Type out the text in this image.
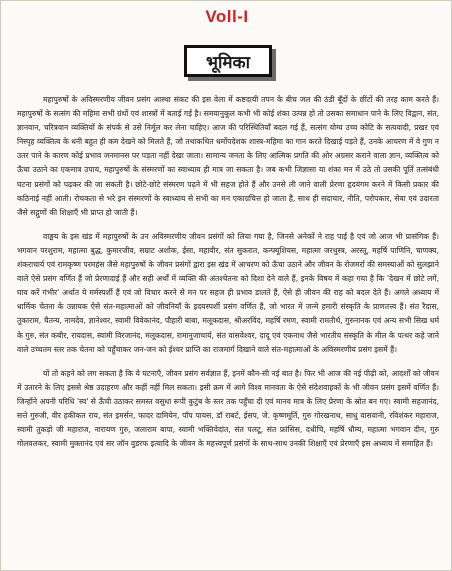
Voll-I
भूमिका

महापुरुषों के अविस्मरणीय जीवन प्रसंग आस्था संकट की इस वेला में कष्टदायी तपन के बीच जल की ठंडी बूँदों के छींटों की तरह काम करते हैं। महापुरुषों के सत्संग की महिमा सभी ग्रंथों एवं शास्त्रों में बताई गई है। समयानुकूल कभी भी कोई शंका उत्पन्न हो तो उसका समाधान पाने के लिए विद्वान, संत, ज्ञानवान, चरित्रवान व्यक्तियों के संपर्क से उसे निर्मूल कर लेना चाहिए। आज की परिस्थितियाँ बदल गई हैं, सत्संग योग्य उच्च कोटि के सत्पवादी, प्रखर एवं निस्पृह व्यक्तित्व के धनी बहुत ही कम देखने को मिलते हैं, जो तथाकथित धर्मोपदेशक शास्त्र-महिमा का गान करते दिखाई पड़ते हैं, उनके आचरण में वे गुण न उतर पाने के कारण कोई प्रभाव जनमानस पर पड़ता नहीं देखा जाता। सामान्य जनता के लिए आत्मिक प्रगति की ओर अग्रसर कराने वाला ज्ञान, व्यक्तित्व को ऊँचा उठाने का एकमात्र उपाय, महापुरुषों के संस्मरणों का स्वाध्याय ही मात्र जा सकता है। जब कभी जिज्ञासा या शंका मन में उठे तो उसकी पूर्ति तत्संबंधी घटना प्रसंगों को पढ़कर की जा सकती है। छोटे-छोटे संस्मरण पढ़ने में भी सहज होते हैं और उनसे ली जाने वाली प्रेरणा हृदयंगम करने में किसी प्रकार की कठिनाई नहीं आती। रोचकता से भरे इन संस्मरणों के स्वाध्याय से सभी का मन एकाग्रचित्त हो जाता है, साथ ही सदाचार, नीति, परोपकार, सेवा एवं उदारता जैसे सद्गुणों की शिक्षाएँ भी प्राप्त हो जाती हैं।

वाङ्मय के इस खंड में महापुरुषों के उन अविस्मरणीय जीवन प्रसंगों को लिया गया है, जिनसे अनेकों ने राह पाई है एवं जो आज भी प्रासंगिक हैं। भगवान परशुराम, महात्मा बुद्ध, कुमारजीव, सम्राट अशोक, ईसा, महावीर, संत सुकरात, कन्फ्यूशियस, महात्मा जरथुस्त्र, अरस्तू, महर्षि पाणिनि, चाणक्य, शंकराचार्य एवं रामकृष्ण परमहंस जैसे महापुरुषों के जीवन प्रसंगों द्वारा इस खंड में आचरण को ऊँचा उठाने और जीवन के रोजमर्रा की समस्याओं को सुलझाने वाले ऐसे प्रसंग वर्णित हैं जो प्रेरणादाई हैं और सही अर्थों में व्यक्ति की अंतश्चेतना को दिशा देने वाले हैं, इनके विषय में कहा गया है कि 'देखन में छोटे लगें, घाव करें गंभीर' अर्थात ये मर्मस्पर्शी हैं एवं जो विचार करने से मन पर सहज ही प्रभाव डालते हैं, ऐसे ही जीवन की राह को बदल देते हैं। अगले अध्याय में धार्मिक चेतना के उन्नायक ऐसे संत-महात्माओं को जीवनियाँ के इदयस्पर्शी प्रसंग वर्णित हैं, जो भारत में जन्मे हमारी संस्कृति के प्राणतत्त्व हैं। संत रैदास, तुकाराम, चैतन्य, नामदेव, ज्ञानेश्वर, स्वामी विवेकानंद, पौहारी बाबा, मलूकदास, श्रीअरविंद, महर्षि रमण, स्वामी रामतीर्थ, गुरुनानक एवं अन्य सभी सिख धर्म के गुरु, संत कबीर, रायदास, स्वामी विरजानंद, मलूकदास, रामानुजाचार्य, संत वासवेश्वर, दादू एवं एकनाथ जैसे भारतीय संस्कृति के मील के पत्थर कहे जाने वाले उच्चतम स्तर तक चेतना को पहुँचाकर जन-जन को ईश्वर प्राप्ति का राजमार्ग दिखाने वाले संत-महात्माओं के अविस्मरणीय प्रसंग इसमें हैं।

यों तो कहने को लग सकता है कि ये घटनाएँ, जीवन प्रसंग सर्वज्ञात हैं, इनमें कौन-सी नई बात है। फिर भी आज की नई पीढ़ी को, आदर्शों को जीवन में उतारने के लिए इससे श्रेष्ठ उदाहरण और कहीं नहीं मिल सकता। इसी क्रम में आगे विश्व मानवता के ऐसे संदेशवाहकों के भी जीवन प्रसंग इसमें वर्णित हैं। जिन्होंने अपनी परिधि 'स्व' से ऊँची उठाकर समस्त वसुधा रूपी कुटुंब के स्तर तक पहुँचा दी एवं मानव मात्र के लिए प्रेरणा के स्रोत बन गए। स्वामी सहजानंद, सत्ते गुरुजी, वीर हकीकत राय, संत इमर्सन, फादर दामियेन, पॉप पायस, डॉ राबर्ट, ईसप, जे. कृष्णमूर्ति, गुरु गोरखनाथ, साधु वासवानी, रविशंकर महाराज, स्वामी तुकड़ो जी महाराज, नारायण गुरु, जलाराम बापा, स्वामी भक्तिवेदांत, संत पलटू, संत फ्रांसिस, दधीचि, महर्षि धौम्य, महात्मा भगवान दीन, गुरु गोलवलकर, स्वामी मुक्तानंद एवं सर जॉन वुडरफ इत्यादि के जीवन के महत्त्वपूर्ण प्रसंगों के साथ-साथ उनकी शिक्षाएँ एवं प्रेरणाएँ इस अध्याय में समाहित हैं।
